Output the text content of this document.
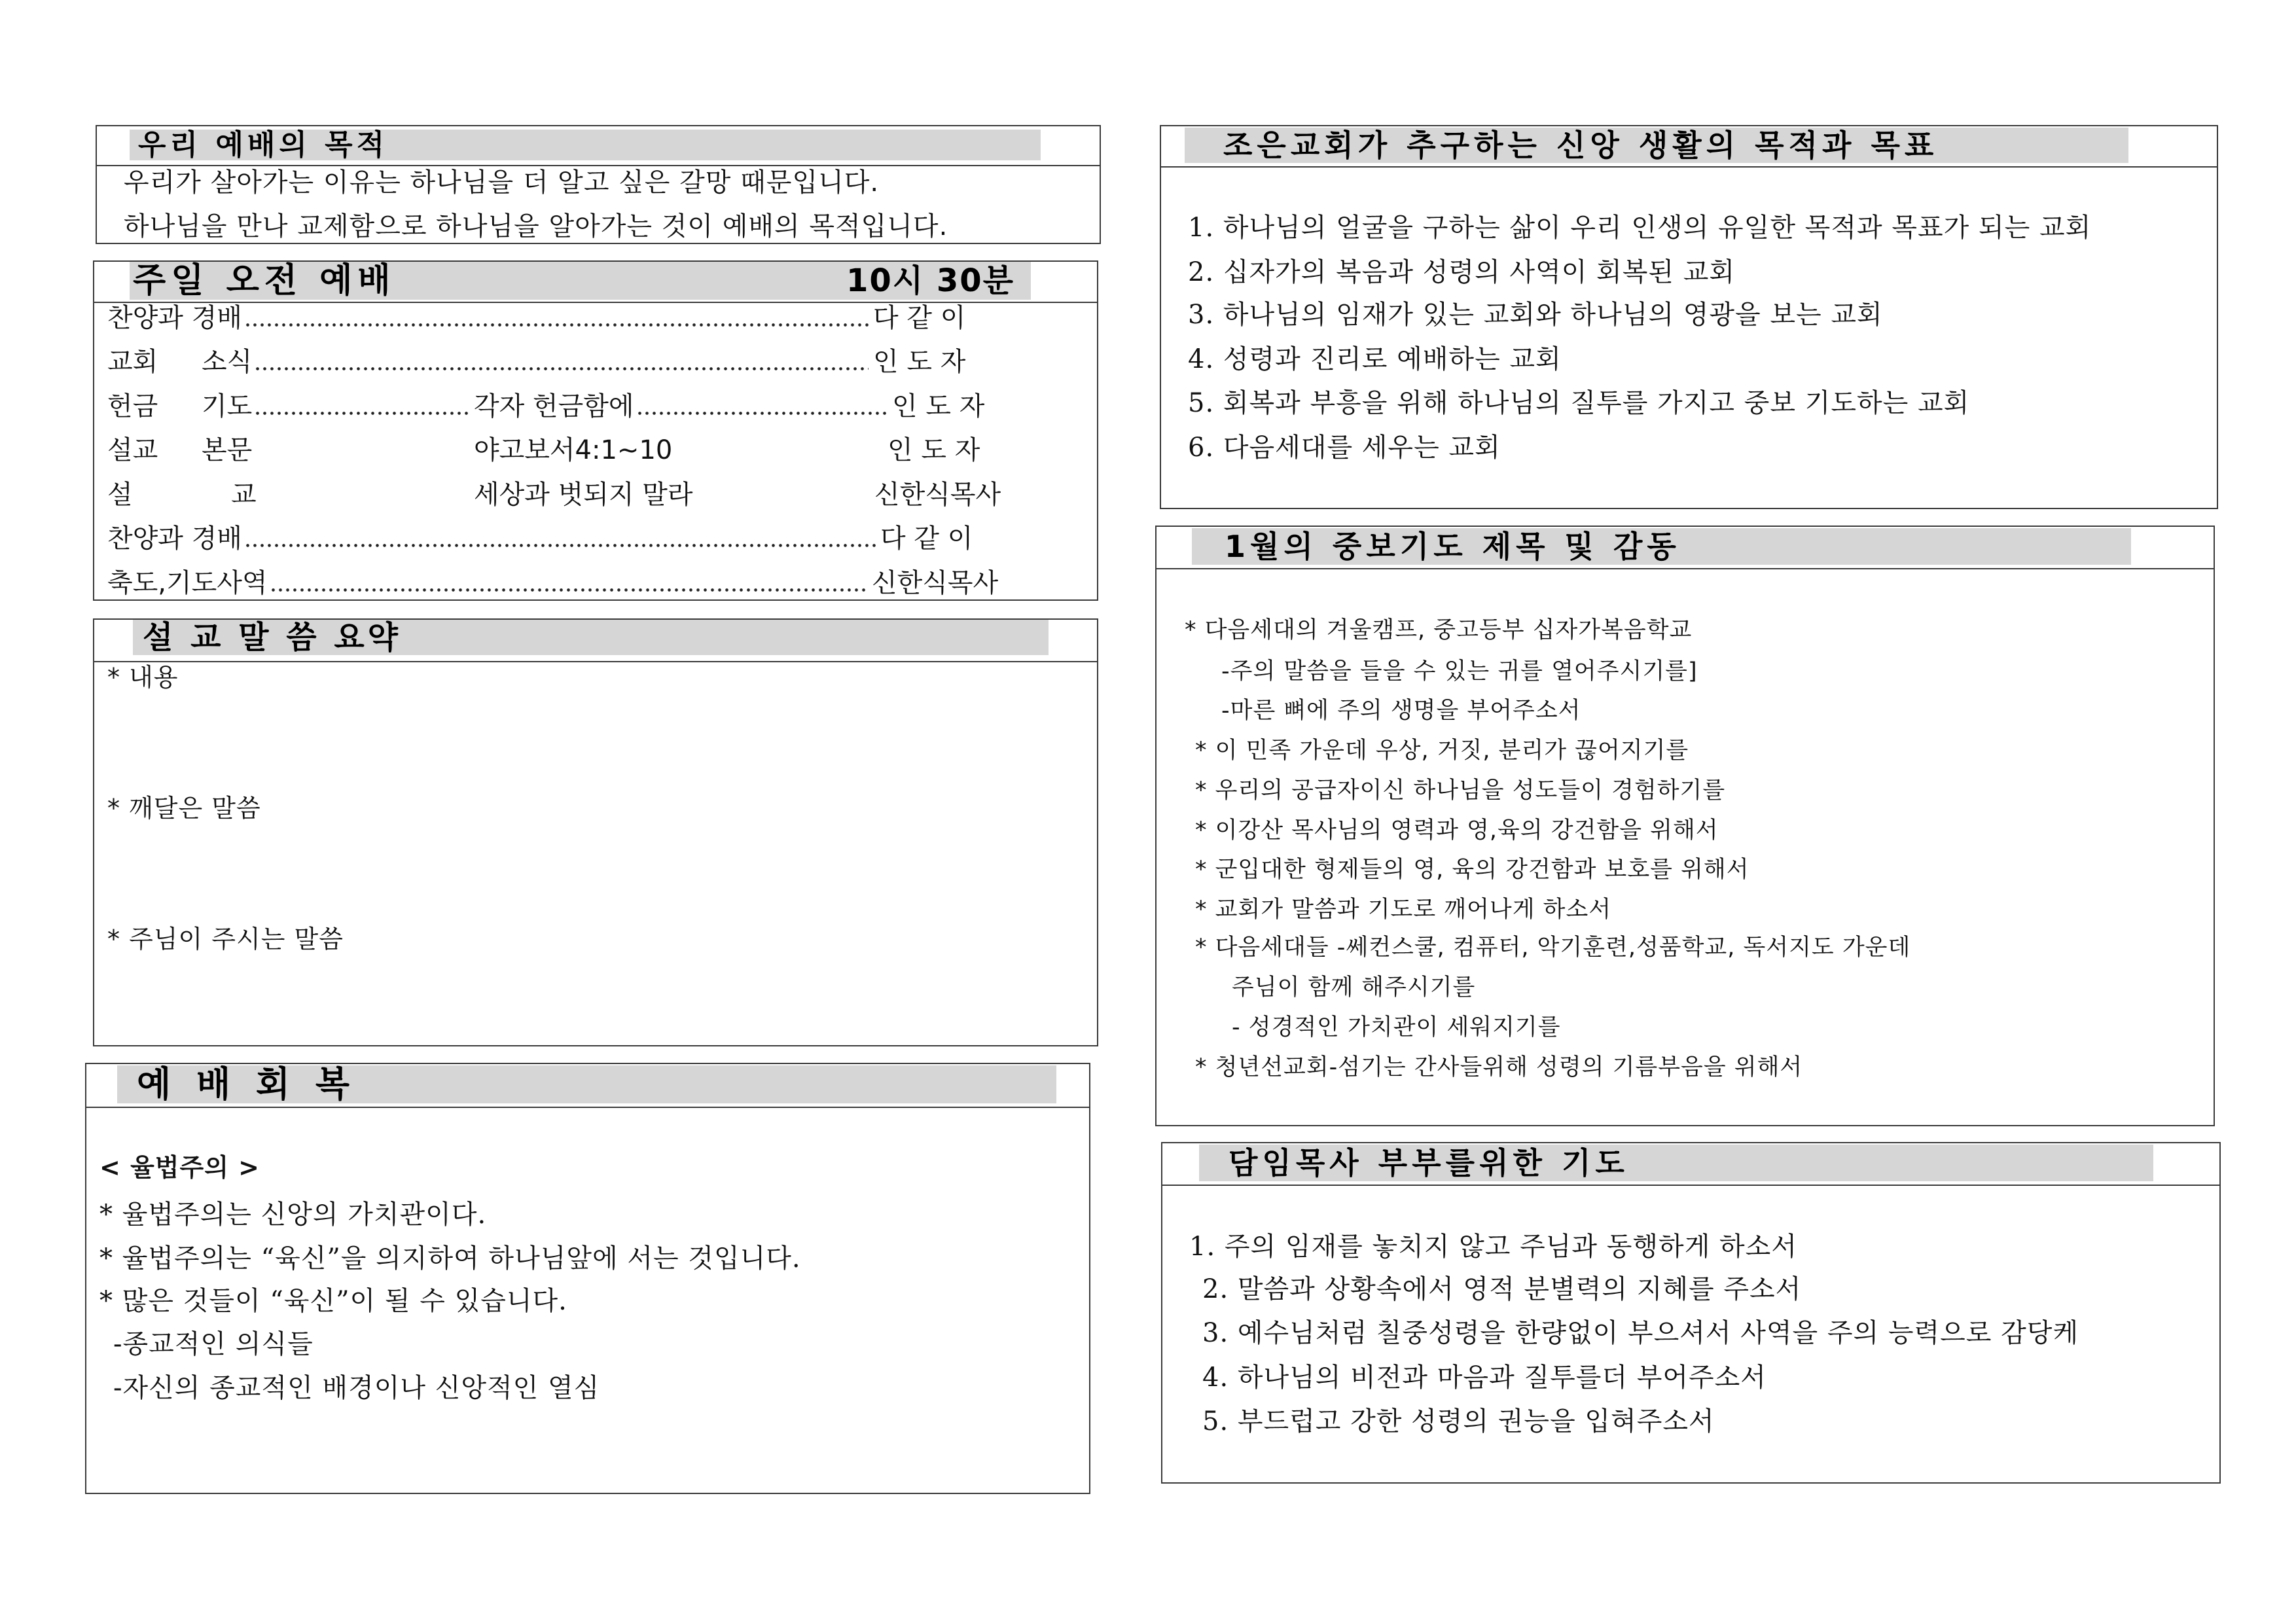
우리 예배의 목적
우리가 살아가는 이유는 하나님을 더 알고 싶은 갈망 때문입니다.
하나님을 만나 교제함으로 하나님을 알아가는 것이 예배의 목적입니다.
주일 오전 예배	10시 30분
찬양과 경배	다 같 이
교회	소식	인 도 자
헌금	기도	각자 헌금함에	인 도 자
설교	본문	야고보서4:1~10	인 도 자
설	교	세상과 벗되지 말라	신한식목사
찬양과 경배	다 같 이
축도,기도사역	신한식목사
설 교 말 씀 요약
* 내용
* 깨달은 말씀
* 주님이 주시는 말씀
예 배 회 복
< 율법주의 >
* 율법주의는 신앙의 가치관이다.
* 율법주의는 “육신”을 의지하여 하나님앞에 서는 것입니다.
* 많은 것들이 “육신”이 될 수 있습니다.
-종교적인 의식들
-자신의 종교적인 배경이나 신앙적인 열심
조은교회가 추구하는 신앙 생활의 목적과 목표
1. 하나님의 얼굴을 구하는 삶이 우리 인생의 유일한 목적과 목표가 되는 교회
2. 십자가의 복음과 성령의 사역이 회복된 교회
3. 하나님의 임재가 있는 교회와 하나님의 영광을 보는 교회
4. 성령과 진리로 예배하는 교회
5. 회복과 부흥을 위해 하나님의 질투를 가지고 중보 기도하는 교회
6. 다음세대를 세우는 교회
1월의 중보기도 제목 및 감동
* 다음세대의 겨울캠프, 중고등부 십자가복음학교
-주의 말씀을 들을 수 있는 귀를 열어주시기를]
-마른 뼈에 주의 생명을 부어주소서
* 이 민족 가운데 우상, 거짓, 분리가 끊어지기를
* 우리의 공급자이신 하나님을 성도들이 경험하기를
* 이강산 목사님의 영력과 영,육의 강건함을 위해서
* 군입대한 형제들의 영, 육의 강건함과 보호를 위해서
* 교회가 말씀과 기도로 깨어나게 하소서
* 다음세대들 -쎄컨스쿨, 컴퓨터, 악기훈련,성품학교, 독서지도 가운데
주님이 함께 해주시기를
- 성경적인 가치관이 세워지기를
* 청년선교회-섬기는 간사들위해 성령의 기름부음을 위해서
담임목사 부부를위한 기도
1. 주의 임재를 놓치지 않고 주님과 동행하게 하소서
2. 말씀과 상황속에서 영적 분별력의 지혜를 주소서
3. 예수님처럼 칠중성령을 한량없이 부으셔서 사역을 주의 능력으로 감당케
4. 하나님의 비전과 마음과 질투를더 부어주소서
5. 부드럽고 강한 성령의 권능을 입혀주소서
